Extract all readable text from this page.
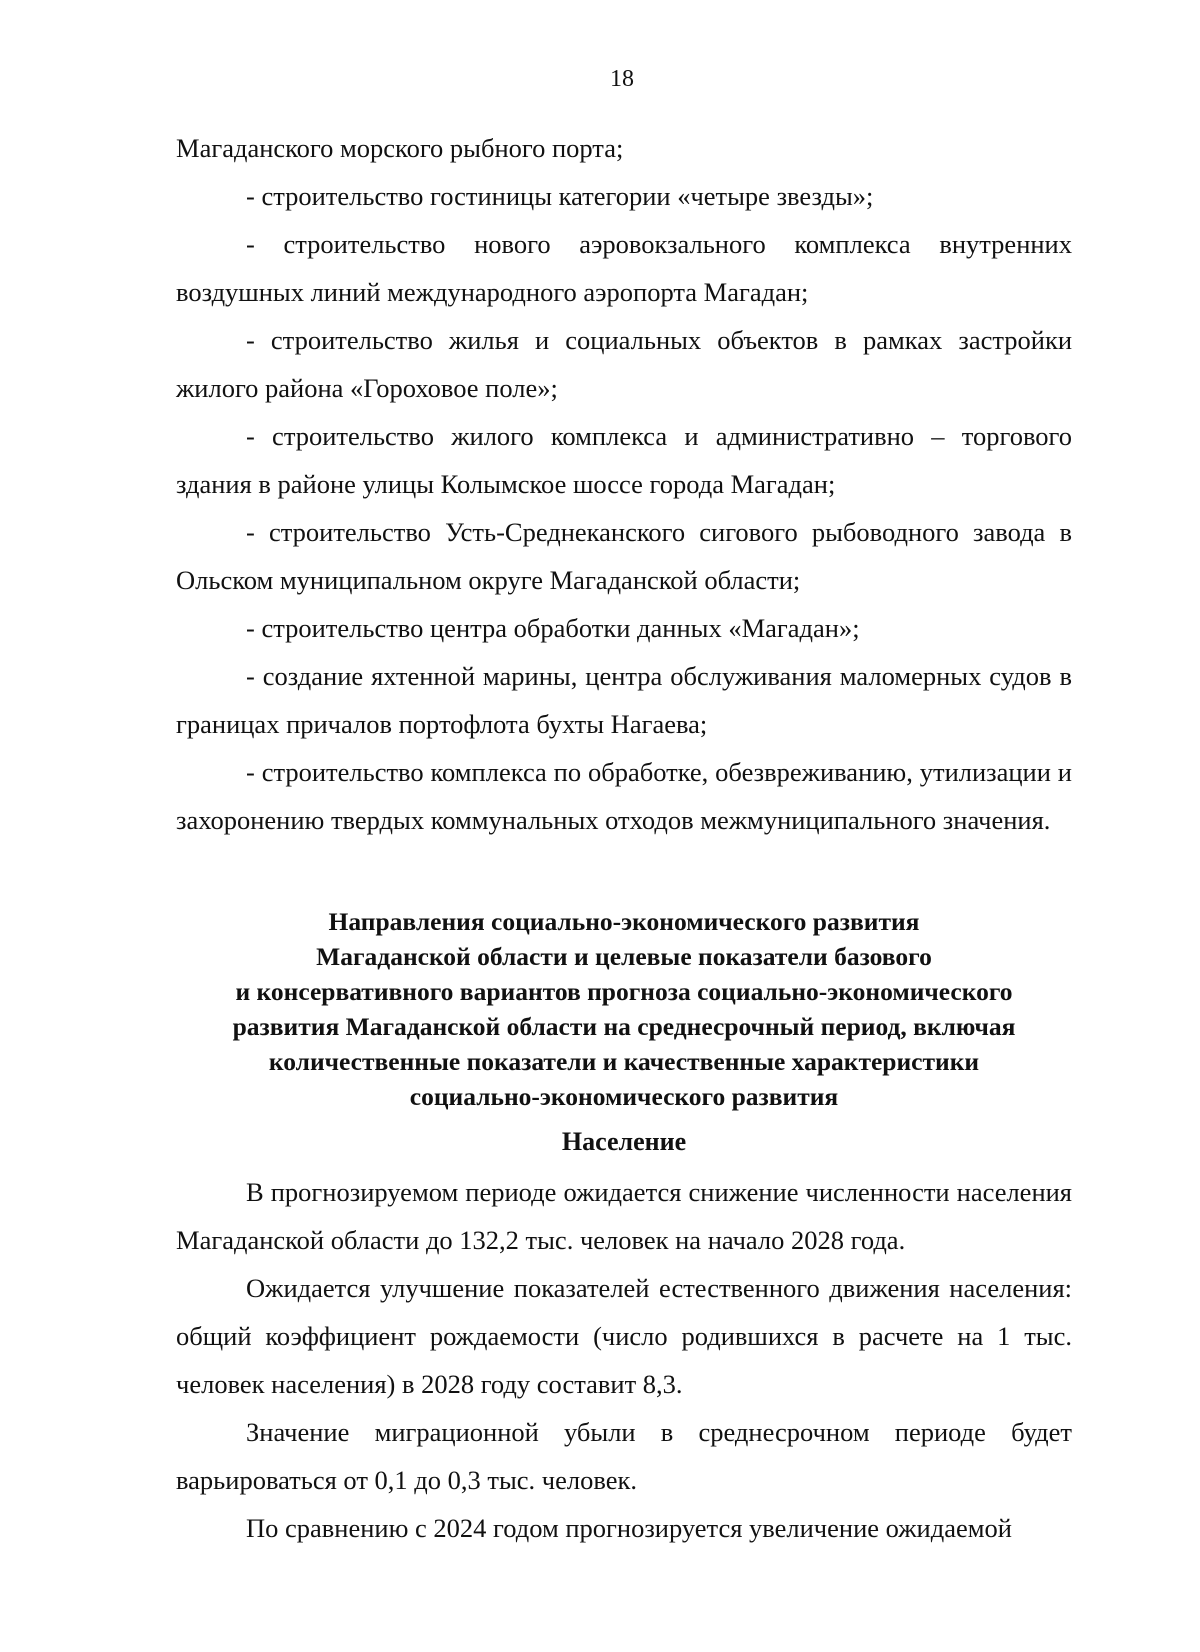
18

Магаданского морского рыбного порта;

- строительство гостиницы категории «четыре звезды»;

- строительство нового аэровокзального комплекса внутренних воздушных линий международного аэропорта Магадан;

- строительство жилья и социальных объектов в рамках застройки жилого района «Гороховое поле»;

- строительство жилого комплекса и административно – торгового здания в районе улицы Колымское шоссе города Магадан;

- строительство Усть-Среднеканского сигового рыбоводного завода в Ольском муниципальном округе Магаданской области;

- строительство центра обработки данных «Магадан»;

- создание яхтенной марины, центра обслуживания маломерных судов в границах причалов портофлота бухты Нагаева;

- строительство комплекса по обработке, обезвреживанию, утилизации и захоронению твердых коммунальных отходов межмуниципального значения.

Направления социально-экономического развития
Магаданской области и целевые показатели базового
и консервативного вариантов прогноза социально-экономического
развития Магаданской области на среднесрочный период, включая
количественные показатели и качественные характеристики
социально-экономического развития
Население

В прогнозируемом периоде ожидается снижение численности населения Магаданской области до 132,2 тыс. человек на начало 2028 года.

Ожидается улучшение показателей естественного движения населения: общий коэффициент рождаемости (число родившихся в расчете на 1 тыс. человек населения) в 2028 году составит 8,3.

Значение миграционной убыли в среднесрочном периоде будет варьироваться от 0,1 до 0,3 тыс. человек.

По сравнению с 2024 годом прогнозируется увеличение ожидаемой
